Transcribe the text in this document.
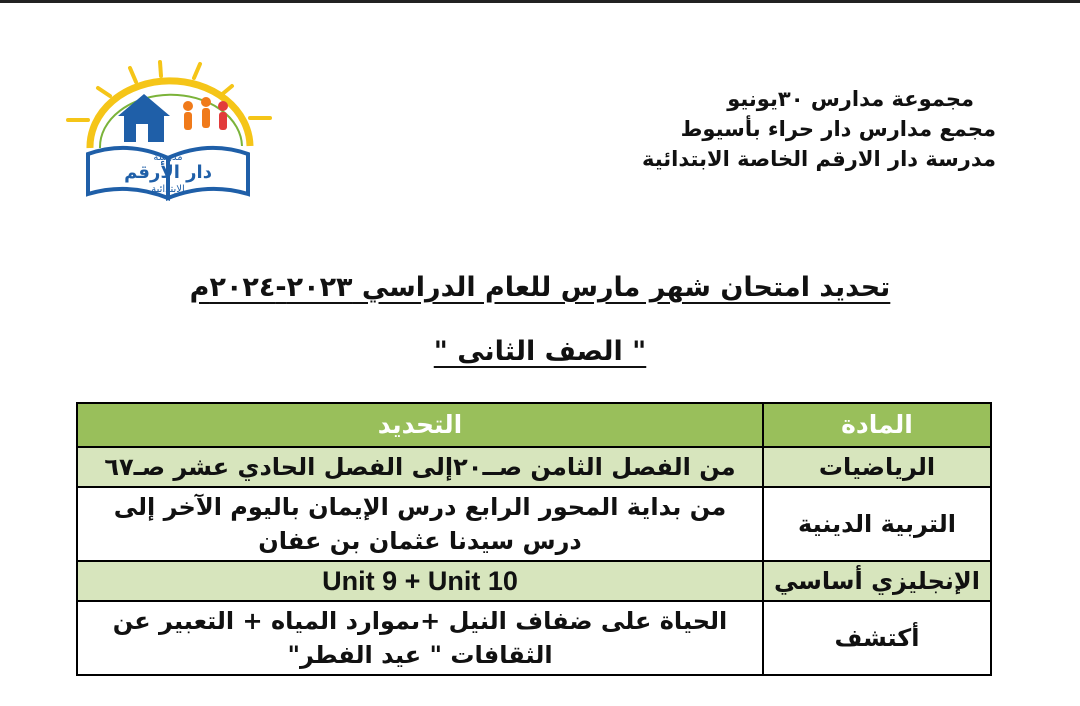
مدرسة
دار الأرقم
الابتدائية
مجموعة مدارس ٣٠يونيو
مجمع مدارس دار حراء بأسيوط
مدرسة دار الارقم الخاصة الابتدائية
تحديد امتحان شهر مارس للعام الدراسي ٢٠٢٣-٢٠٢٤م
" الصف الثانى "
المادة	التحديد
الرياضيات	من الفصل الثامن صــ٢٠إلى الفصل الحادي عشر صـ٦٧
التربية الدينية	من بداية المحور الرابع درس الإيمان باليوم الآخر إلى درس سيدنا عثمان بن عفان
الإنجليزي أساسي	Unit 9 + Unit 10
أكتشف	الحياة على ضفاف النيل +ىموارد المياه + التعبير عن الثقافات " عيد الفطر"
